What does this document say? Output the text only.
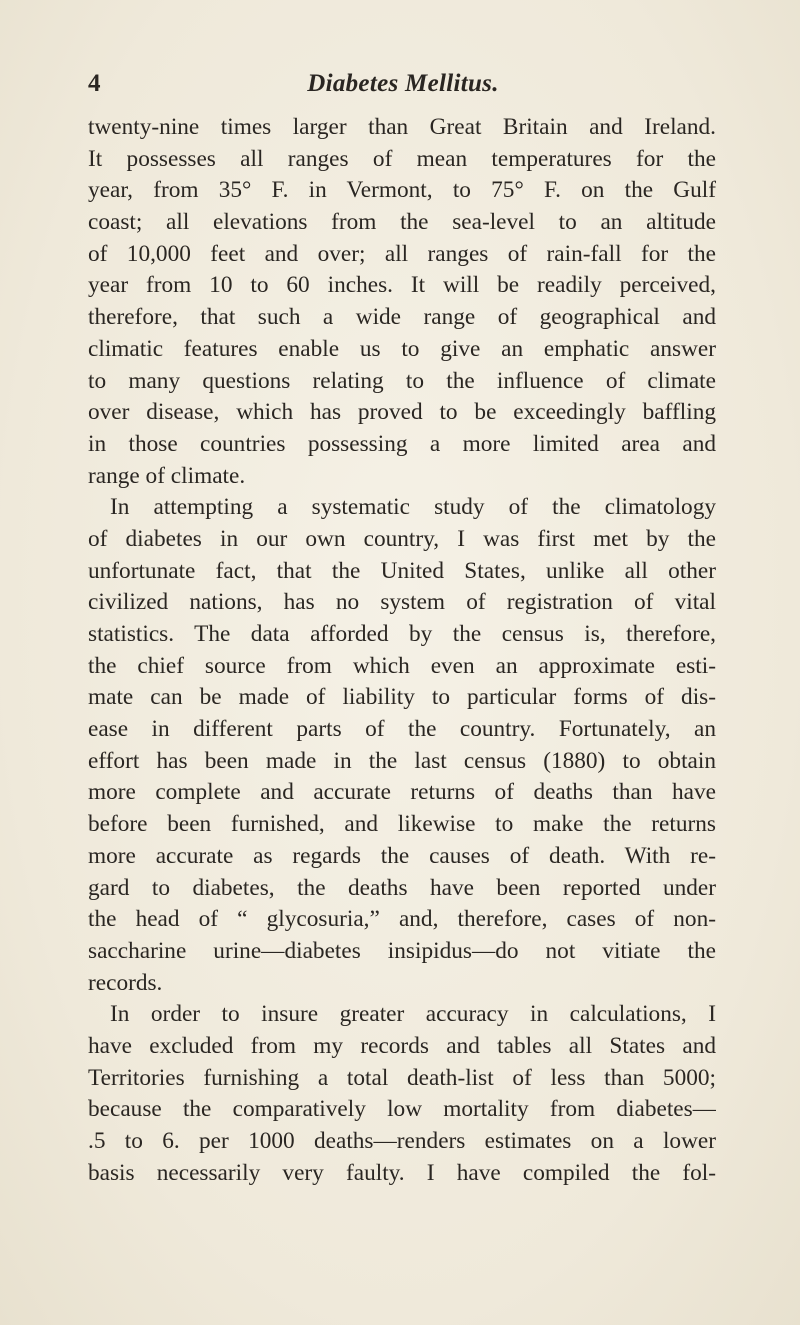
4	Diabetes Mellitus.
twenty-nine times larger than Great Britain and Ireland.
It possesses all ranges of mean temperatures for the
year, from 35° F. in Vermont, to 75° F. on the Gulf
coast; all elevations from the sea-level to an altitude
of 10,000 feet and over; all ranges of rain-fall for the
year from 10 to 60 inches. It will be readily perceived,
therefore, that such a wide range of geographical and
climatic features enable us to give an emphatic answer
to many questions relating to the influence of climate
over disease, which has proved to be exceedingly baffling
in those countries possessing a more limited area and
range of climate.
In attempting a systematic study of the climatology
of diabetes in our own country, I was first met by the
unfortunate fact, that the United States, unlike all other
civilized nations, has no system of registration of vital
statistics. The data afforded by the census is, therefore,
the chief source from which even an approximate esti-
mate can be made of liability to particular forms of dis-
ease in different parts of the country. Fortunately, an
effort has been made in the last census (1880) to obtain
more complete and accurate returns of deaths than have
before been furnished, and likewise to make the returns
more accurate as regards the causes of death. With re-
gard to diabetes, the deaths have been reported under
the head of “ glycosuria,” and, therefore, cases of non-
saccharine urine—diabetes insipidus—do not vitiate the
records.
In order to insure greater accuracy in calculations, I
have excluded from my records and tables all States and
Territories furnishing a total death-list of less than 5000;
because the comparatively low mortality from diabetes—
.5 to 6. per 1000 deaths—renders estimates on a lower
basis necessarily very faulty. I have compiled the fol-
